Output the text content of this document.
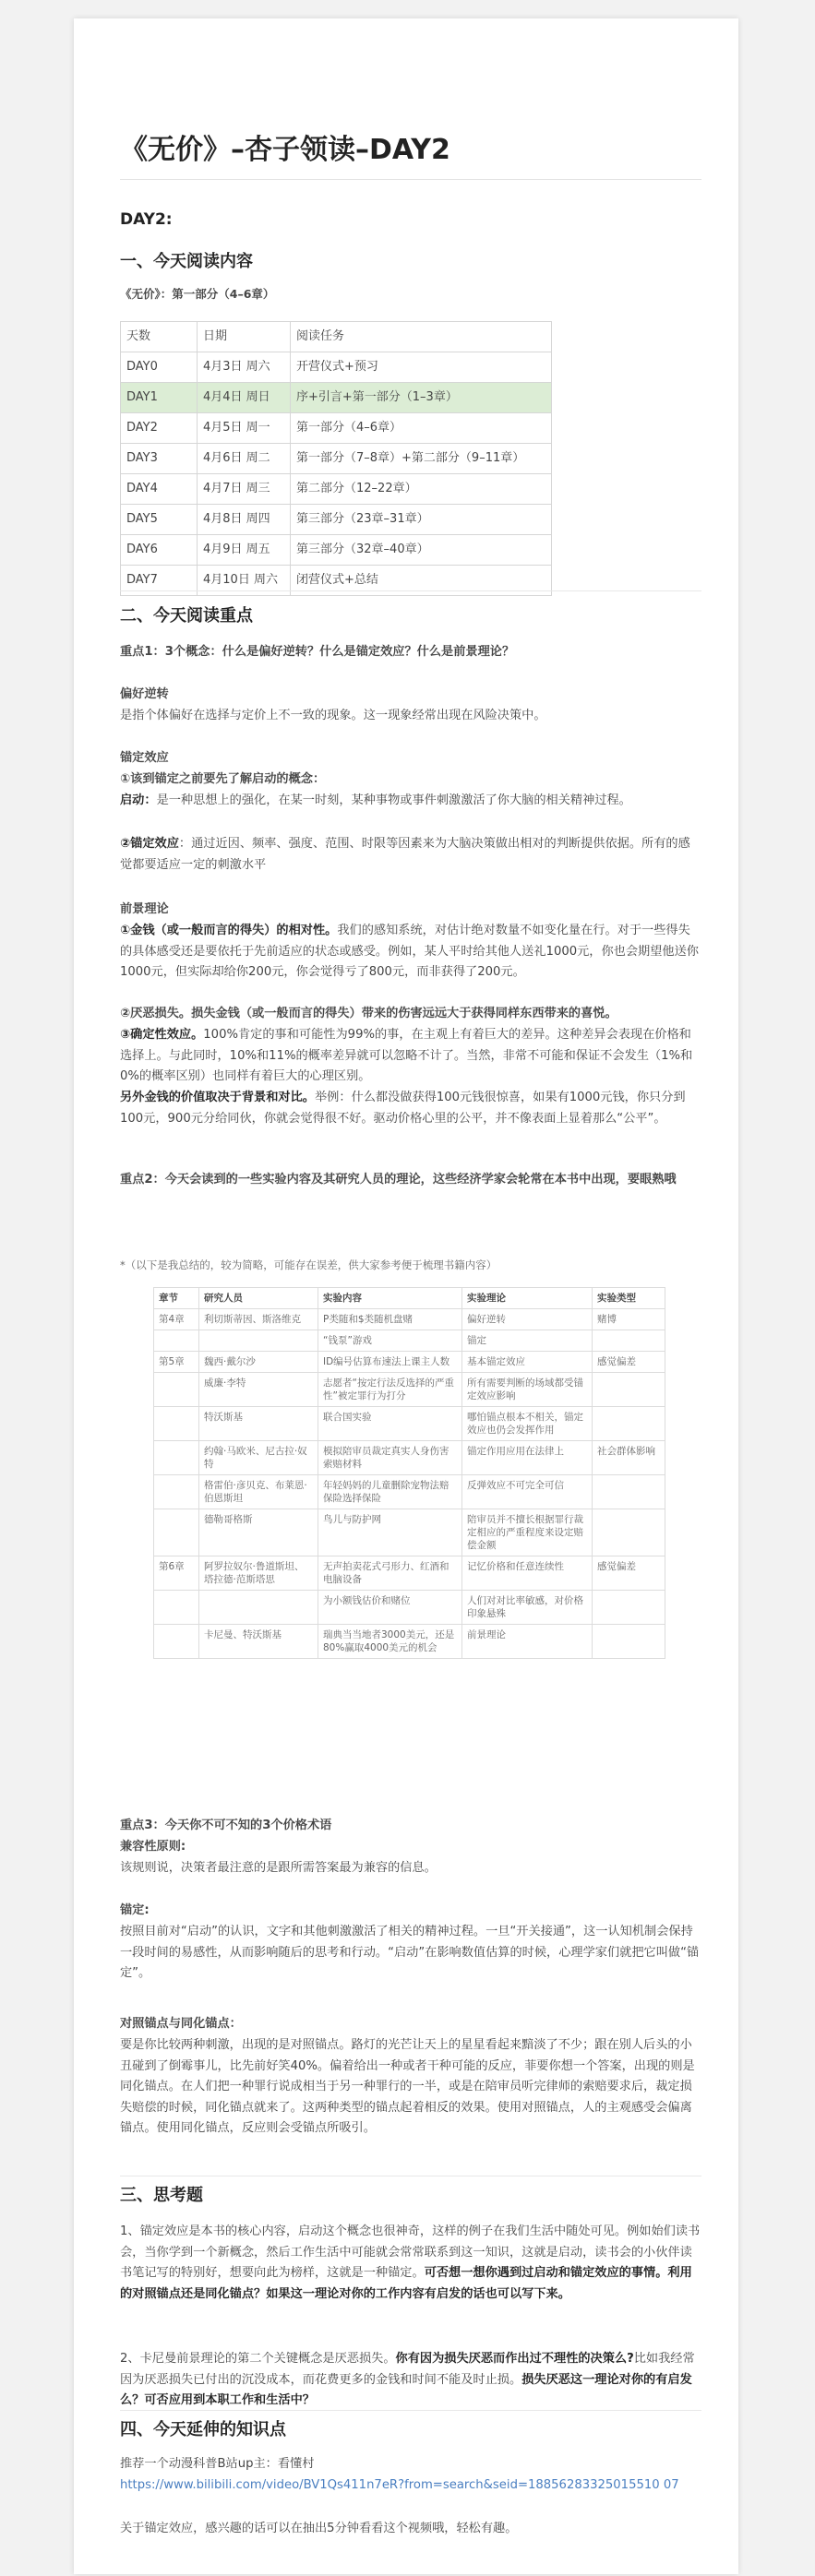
《无价》–杏子领读–DAY2
DAY2:
一、今天阅读内容
《无价》：第一部分（4–6章）
天数	日期	阅读任务
DAY0	4月3日 周六	开营仪式+预习
DAY1	4月4日 周日	序+引言+第一部分（1–3章）
DAY2	4月5日 周一	第一部分（4–6章）
DAY3	4月6日 周二	第一部分（7–8章）+第二部分（9–11章）
DAY4	4月7日 周三	第二部分（12–22章）
DAY5	4月8日 周四	第三部分（23章–31章）
DAY6	4月9日 周五	第三部分（32章–40章）
DAY7	4月10日 周六	闭营仪式+总结
二、今天阅读重点
重点1：3个概念：什么是偏好逆转？什么是锚定效应？什么是前景理论？
偏好逆转
是指个体偏好在选择与定价上不一致的现象。这一现象经常出现在风险决策中。
锚定效应
①该到锚定之前要先了解启动的概念：
启动：是一种思想上的强化，在某一时刻，某种事物或事件刺激激活了你大脑的相关精神过程。
②锚定效应：通过近因、频率、强度、范围、时限等因素来为大脑决策做出相对的判断提供依据。所有的感觉都要适应一定的刺激水平
前景理论
①金钱（或一般而言的得失）的相对性。我们的感知系统，对估计绝对数量不如变化量在行。对于一些得失的具体感受还是要依托于先前适应的状态或感受。例如，某人平时给其他人送礼1000元，你也会期望他送你1000元，但实际却给你200元，你会觉得亏了800元，而非获得了200元。
②厌恶损失。损失金钱（或一般而言的得失）带来的伤害远远大于获得同样东西带来的喜悦。
③确定性效应。100%肯定的事和可能性为99%的事，在主观上有着巨大的差异。这种差异会表现在价格和选择上。与此同时，10%和11%的概率差异就可以忽略不计了。当然，非常不可能和保证不会发生（1%和0%的概率区别）也同样有着巨大的心理区别。
另外金钱的价值取决于背景和对比。举例：什么都没做获得100元钱很惊喜，如果有1000元钱，你只分到100元，900元分给同伙，你就会觉得很不好。驱动价格心里的公平，并不像表面上显着那么“公平”。
重点2：今天会读到的一些实验内容及其研究人员的理论，这些经济学家会轮常在本书中出现，要眼熟哦
*（以下是我总结的，较为简略，可能存在误差，供大家参考便于梳理书籍内容）
章节	研究人员	实验内容	实验理论	实验类型
第4章	利切斯蒂因、斯洛维克	P类随和$类随机盘赌	偏好逆转	赌博
		“钱泵”游戏	锚定	
第5章	魏西·戴尔沙	ID编号估算布速法上课主人数	基本锚定效应	感觉偏差
	威廉·李特	志愿者“按定行法反选择的严重性”被定罪行为打分	所有需要判断的场域都受锚定效应影响	
	特沃斯基	联合国实验	哪怕锚点根本不相关，锚定效应也仍会发挥作用	
	约翰·马欧米、尼古拉·奴特	模拟陪审员裁定真实人身伤害索赔材料	锚定作用应用在法律上	社会群体影响
	格雷伯·彦贝克、布莱恩·伯恩斯坦	年轻妈妈的儿童删除宠物法赔保险选择保险	反弹效应不可完全可信	
	德勒哥格斯	鸟儿与防护网	陪审员并不擅长根据罪行裁定相应的严重程度来设定赔偿金额	
第6章	阿罗拉奴尔·鲁道斯坦、塔拉德·范斯塔思	无声拍卖花式弓形力、红酒和电脑设备	记忆价格和任意连续性	感觉偏差
		为小额钱估价和赌位	人们对对比率敏感，对价格印象悬殊	
	卡尼曼、特沃斯基	瑞典当当地者3000美元，还是80%赢取4000美元的机会	前景理论	
重点3：今天你不可不知的3个价格术语
兼容性原则:
该规则说，决策者最注意的是跟所需答案最为兼容的信息。
锚定:
按照目前对“启动”的认识，文字和其他刺激激活了相关的精神过程。一旦“开关接通”，这一认知机制会保持一段时间的易感性，从而影响随后的思考和行动。“启动”在影响数值估算的时候，心理学家们就把它叫做“锚定”。
对照锚点与同化锚点：
要是你比较两种刺激，出现的是对照锚点。路灯的光芒让天上的星星看起来黯淡了不少；跟在别人后头的小丑碰到了倒霉事儿，比先前好笑40%。偏着给出一种或者干种可能的反应，菲要你想一个答案，出现的则是同化锚点。在人们把一种罪行说成相当于另一种罪行的一半，或是在陪审员听完律师的索赔要求后，裁定损失赔偿的时候，同化锚点就来了。这两种类型的锚点起着相反的效果。使用对照锚点，人的主观感受会偏离锚点。使用同化锚点，反应则会受锚点所吸引。
三、思考题
1、锚定效应是本书的核心内容，启动这个概念也很神奇，这样的例子在我们生活中随处可见。例如始们读书会，当你学到一个新概念，然后工作生活中可能就会常常联系到这一知识，这就是启动，读书会的小伙伴读书笔记写的特别好，想要向此为榜样，这就是一种锚定。可否想一想你遇到过启动和锚定效应的事情。利用的对照锚点还是同化锚点？如果这一理论对你的工作内容有启发的话也可以写下来。
2、卡尼曼前景理论的第二个关键概念是厌恶损失。你有因为损失厌恶而作出过不理性的决策么?比如我经常因为厌恶损失已付出的沉没成本，而花费更多的金钱和时间不能及时止损。损失厌恶这一理论对你的有启发么？可否应用到本职工作和生活中？
四、今天延伸的知识点
推荐一个动漫科普B站up主：看懂村
https://www.bilibili.com/video/BV1Qs411n7eR?from=search&seid=18856283325015510 07
关于锚定效应，感兴趣的话可以在抽出5分钟看看这个视频哦，轻松有趣。
